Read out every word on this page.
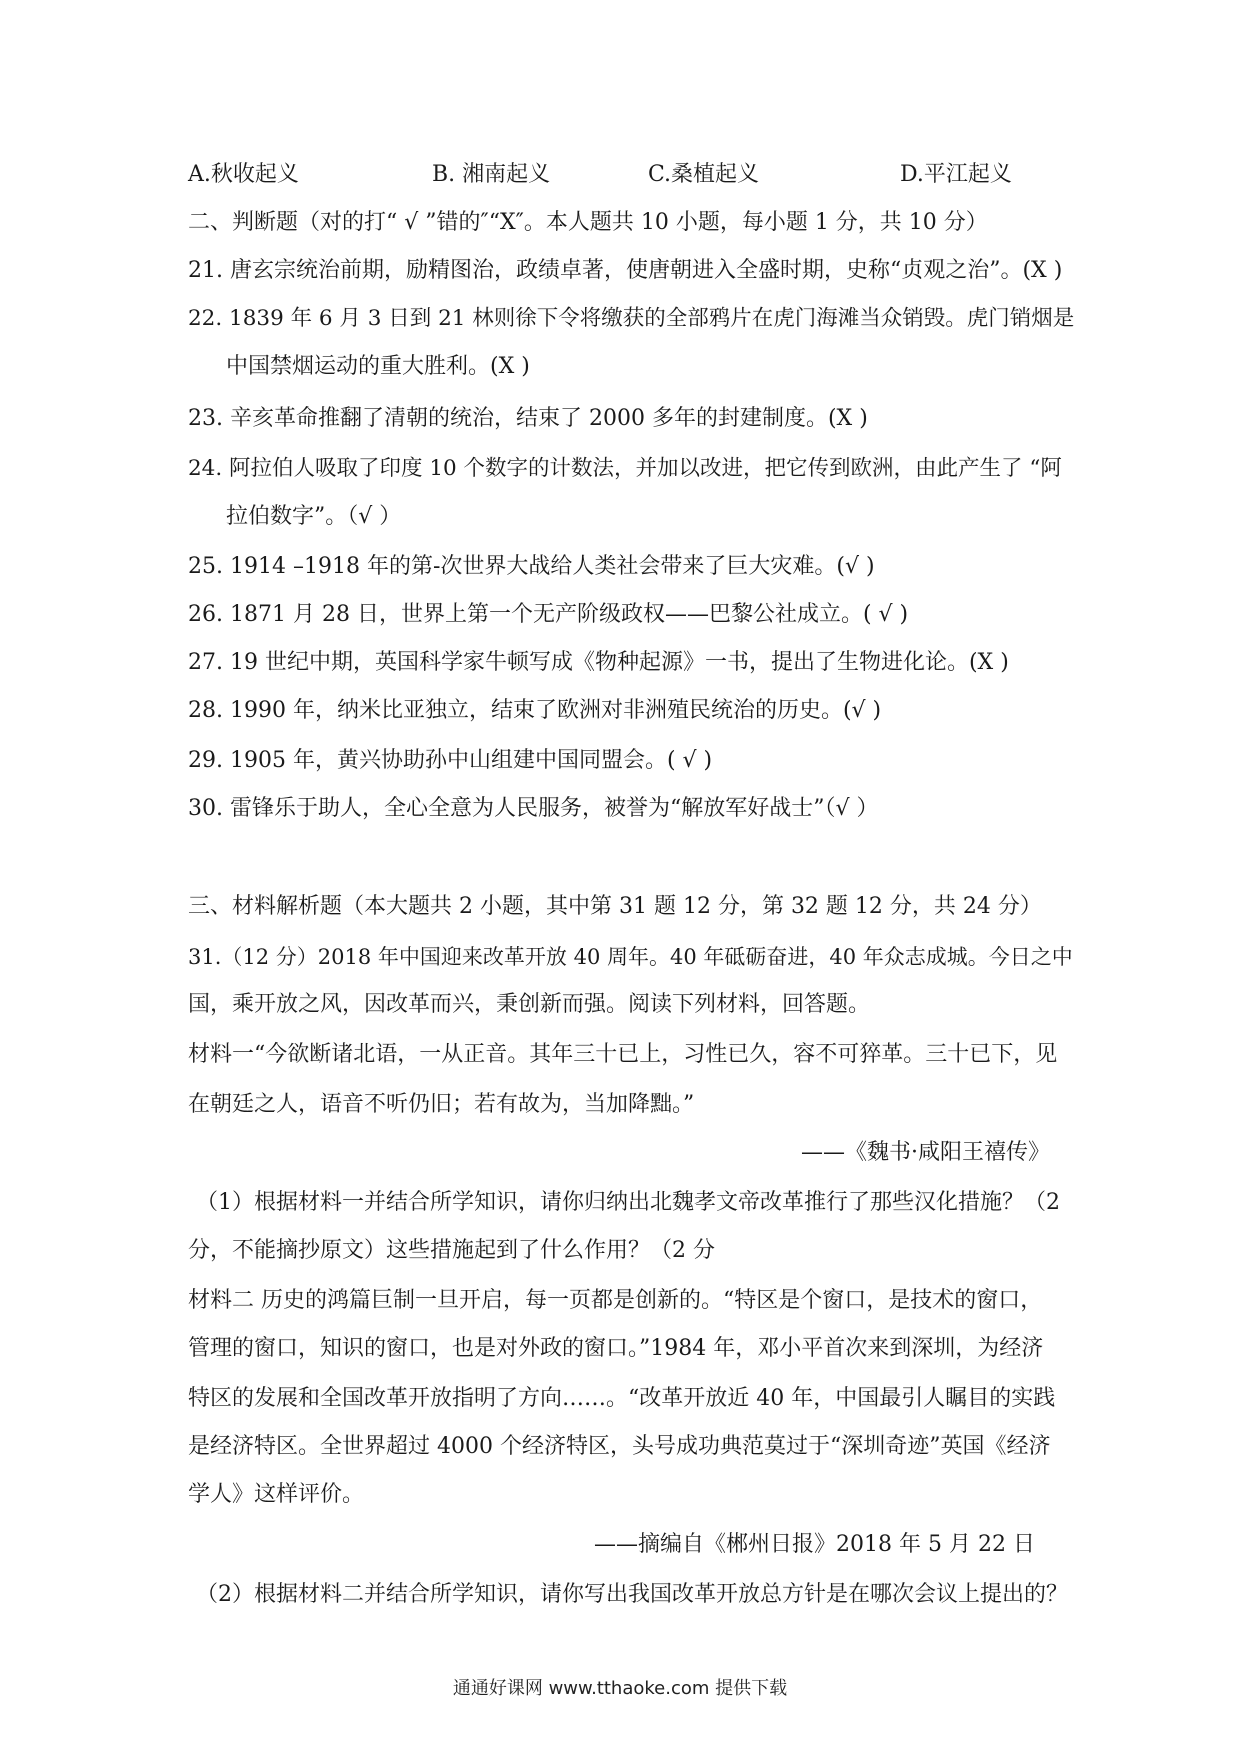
A.秋收起义	B. 湘南起义	C.桑植起义	D.平江起义
二、判断题（对的打“ √ ”错的″“X″。本人题共 10 小题，每小题 1 分，共 10 分）
21. 唐玄宗统治前期，励精图治，政绩卓著，使唐朝进入全盛时期，史称“贞观之治”。(X )
22. 1839 年 6 月 3 日到 21 林则徐下令将缴获的全部鸦片在虎门海滩当众销毁。虎门销烟是
中国禁烟运动的重大胜利。(X )
23. 辛亥革命推翻了清朝的统治，结束了 2000 多年的封建制度。(X )
24. 阿拉伯人吸取了印度 10 个数字的计数法，并加以改进，把它传到欧洲，由此产生了 “阿
拉伯数字”。（√ ）
25. 1914 –1918 年的第-次世界大战给人类社会带来了巨大灾难。(√ )
26. 1871 月 28 日，世界上第一个无产阶级政权——巴黎公社成立。( √ )
27. 19 世纪中期，英国科学家牛顿写成《物种起源》一书，提出了生物进化论。(X )
28. 1990 年，纳米比亚独立，结束了欧洲对非洲殖民统治的历史。(√ )
29. 1905 年，黄兴协助孙中山组建中国同盟会。( √ )
30. 雷锋乐于助人，全心全意为人民服务，被誉为“解放军好战士”（√ ）
三、材料解析题（本大题共 2 小题，其中第 31 题 12 分，第 32 题 12 分，共 24 分）
31.（12 分）2018 年中国迎来改革开放 40 周年。40 年砥砺奋进，40 年众志成城。今日之中
国，乘开放之风，因改革而兴，秉创新而强。阅读下列材料，回答题。
材料一“今欲断诸北语，一从正音。其年三十已上，习性已久，容不可猝革。三十已下，见
在朝廷之人，语音不听仍旧；若有故为，当加降黜。”
——《魏书·咸阳王禧传》
（1）根据材料一并结合所学知识，请你归纳出北魏孝文帝改革推行了那些汉化措施？（2
分，不能摘抄原文）这些措施起到了什么作用？（2 分
材料二 历史的鸿篇巨制一旦开启，每一页都是创新的。“特区是个窗口，是技术的窗口，
管理的窗口，知识的窗口，也是对外政的窗口。”1984 年，邓小平首次来到深圳，为经济
特区的发展和全国改革开放指明了方向……。“改革开放近 40 年，中国最引人瞩目的实践
是经济特区。全世界超过 4000 个经济特区，头号成功典范莫过于“深圳奇迹”英国《经济
学人》这样评价。
——摘编自《郴州日报》2018 年 5 月 22 日
（2）根据材料二并结合所学知识，请你写出我国改革开放总方针是在哪次会议上提出的？
通通好课网 www.tthaoke.com 提供下载
